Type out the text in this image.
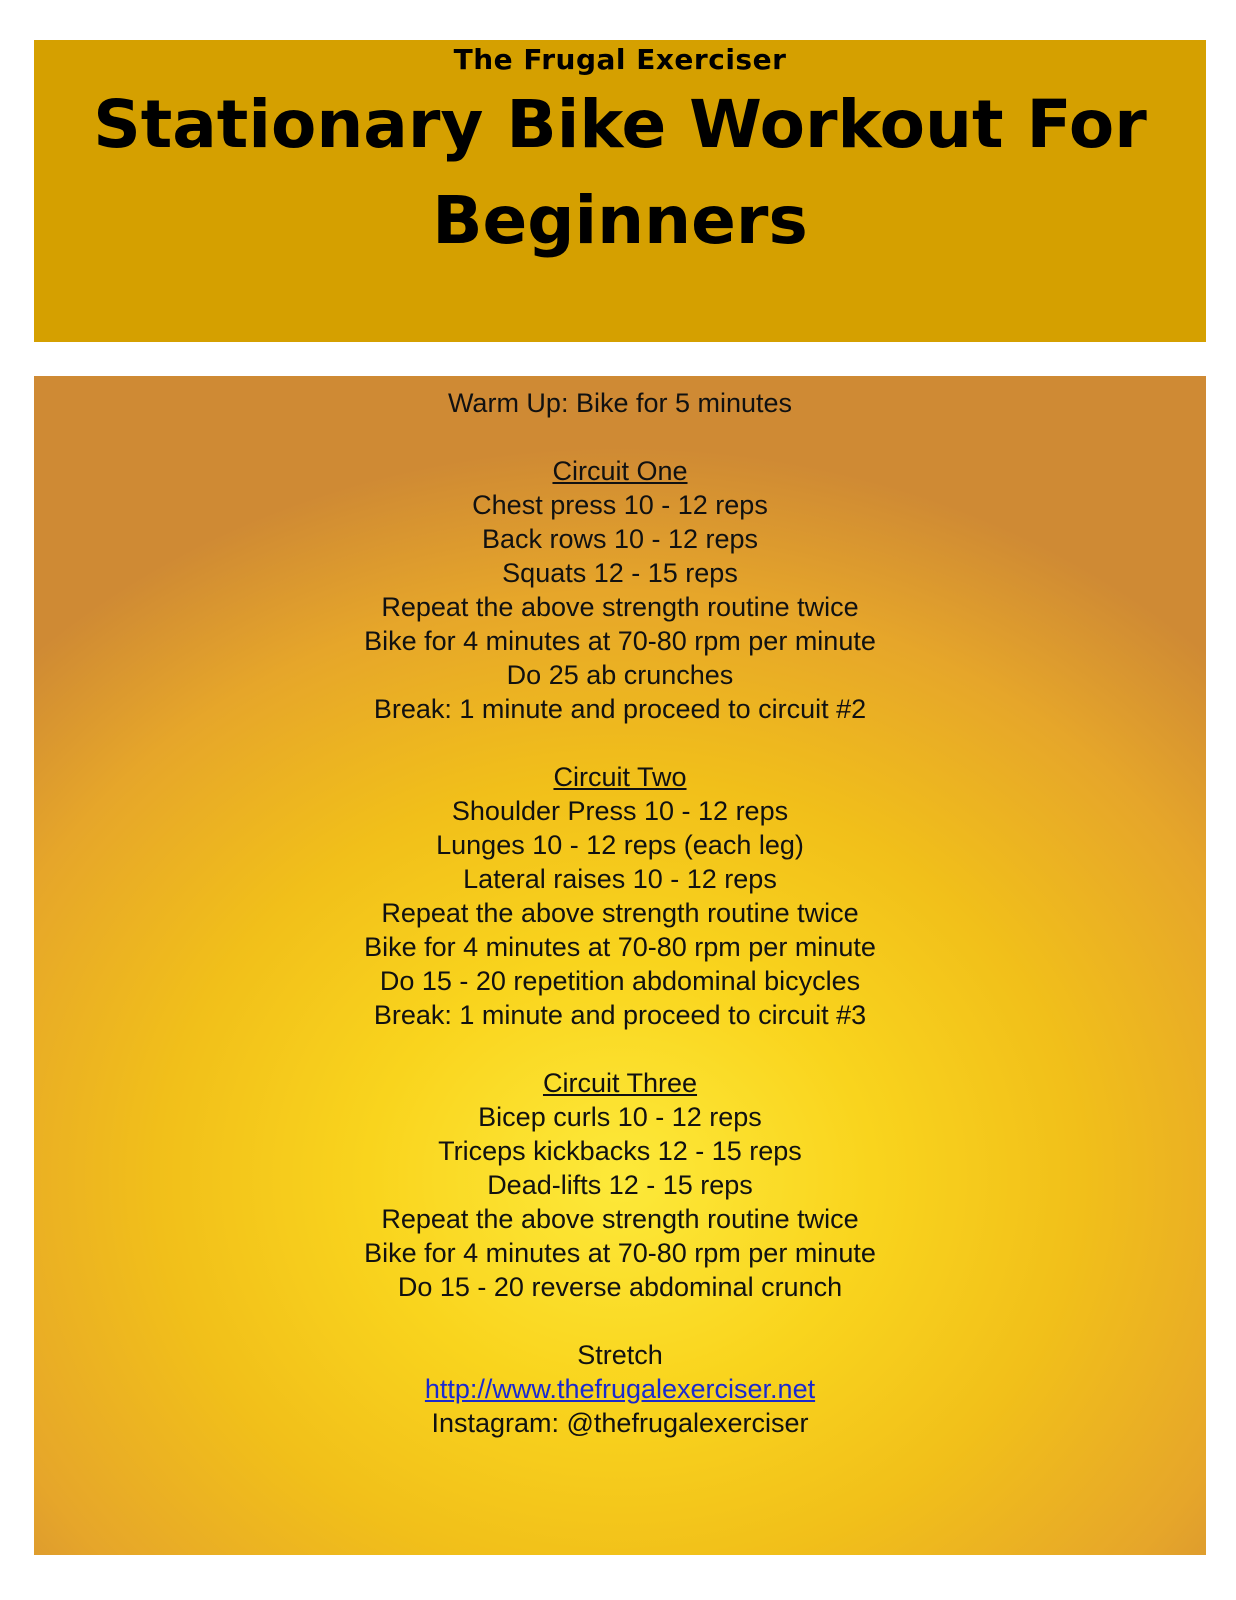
The Frugal Exerciser
Stationary Bike Workout For Beginners
Warm Up: Bike for 5 minutes
Circuit One
Chest press 10 - 12 reps
Back rows 10 - 12 reps
Squats 12 - 15 reps
Repeat the above strength routine twice
Bike for 4 minutes at 70-80 rpm per minute
Do 25 ab crunches
Break: 1 minute and proceed to circuit #2
Circuit Two
Shoulder Press 10 - 12 reps
Lunges 10 - 12 reps (each leg)
Lateral raises 10 - 12 reps
Repeat the above strength routine twice
Bike for 4 minutes at 70-80 rpm per minute
Do 15 - 20 repetition abdominal bicycles
Break: 1 minute and proceed to circuit #3
Circuit Three
Bicep curls 10 - 12 reps
Triceps kickbacks 12 - 15 reps
Dead-lifts 12 - 15 reps
Repeat the above strength routine twice
Bike for 4 minutes at 70-80 rpm per minute
Do 15 - 20 reverse abdominal crunch
Stretch
http://www.thefrugalexerciser.net
Instagram: @thefrugalexerciser
